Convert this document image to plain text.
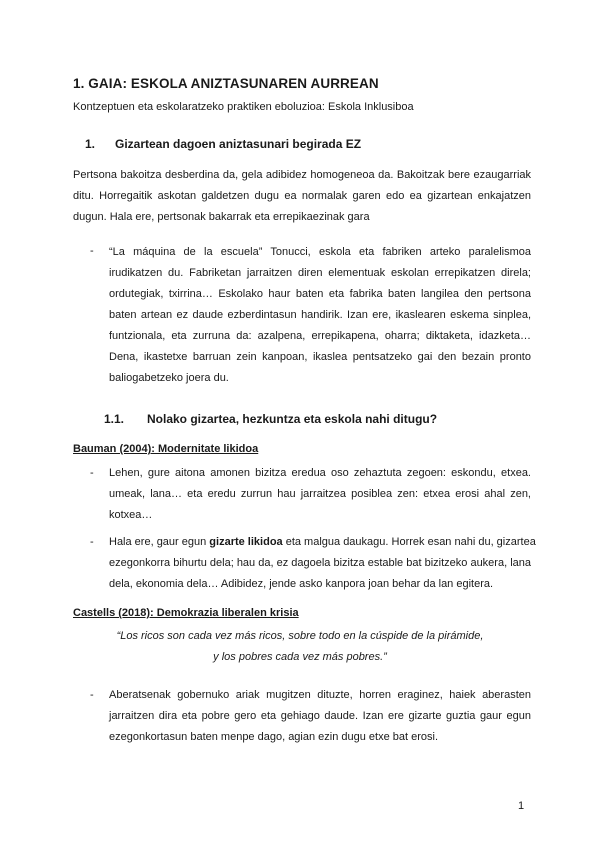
1. GAIA: ESKOLA ANIZTASUNAREN AURREAN
Kontzeptuen eta eskolaratzeko praktiken eboluzioa: Eskola Inklusiboa
1. Gizartean dagoen aniztasunari begirada EZ
Pertsona bakoitza desberdina da, gela adibidez homogeneoa da. Bakoitzak bere ezaugarriak
ditu. Horregaitik askotan galdetzen dugu ea normalak garen edo ea gizartean enkajatzen
dugun. Hala ere, pertsonak bakarrak eta errepikaezinak gara
- “La máquina de la escuela” Tonucci, eskola eta fabriken arteko paralelismoa
irudikatzen du. Fabriketan jarraitzen diren elementuak eskolan errepikatzen direla;
ordutegiak, txirrina… Eskolako haur baten eta fabrika baten langilea den pertsona
baten artean ez daude ezberdintasun handirik. Izan ere, ikaslearen eskema sinplea,
funtzionala, eta zurruna da: azalpena, errepikapena, oharra; diktaketa, idazketa…
Dena, ikastetxe barruan zein kanpoan, ikaslea pentsatzeko gai den bezain pronto
baliogabetzeko joera du.
1.1. Nolako gizartea, hezkuntza eta eskola nahi ditugu?
Bauman (2004): Modernitate likidoa
- Lehen, gure aitona amonen bizitza eredua oso zehaztuta zegoen: eskondu, etxea.
umeak, lana… eta eredu zurrun hau jarraitzea posiblea zen: etxea erosi ahal zen,
kotxea…
- Hala ere, gaur egun gizarte likidoa eta malgua daukagu. Horrek esan nahi du, gizartea
ezegonkorra bihurtu dela; hau da, ez dagoela bizitza estable bat bizitzeko aukera, lana
dela, ekonomia dela… Adibidez, jende asko kanpora joan behar da lan egitera.
Castells (2018): Demokrazia liberalen krisia
“Los ricos son cada vez más ricos, sobre todo en la cúspide de la pirámide,
y los pobres cada vez más pobres.”
- Aberatsenak gobernuko ariak mugitzen dituzte, horren eraginez, haiek aberasten
jarraitzen dira eta pobre gero eta gehiago daude. Izan ere gizarte guztia gaur egun
ezegonkortasun baten menpe dago, agian ezin dugu etxe bat erosi.
1
